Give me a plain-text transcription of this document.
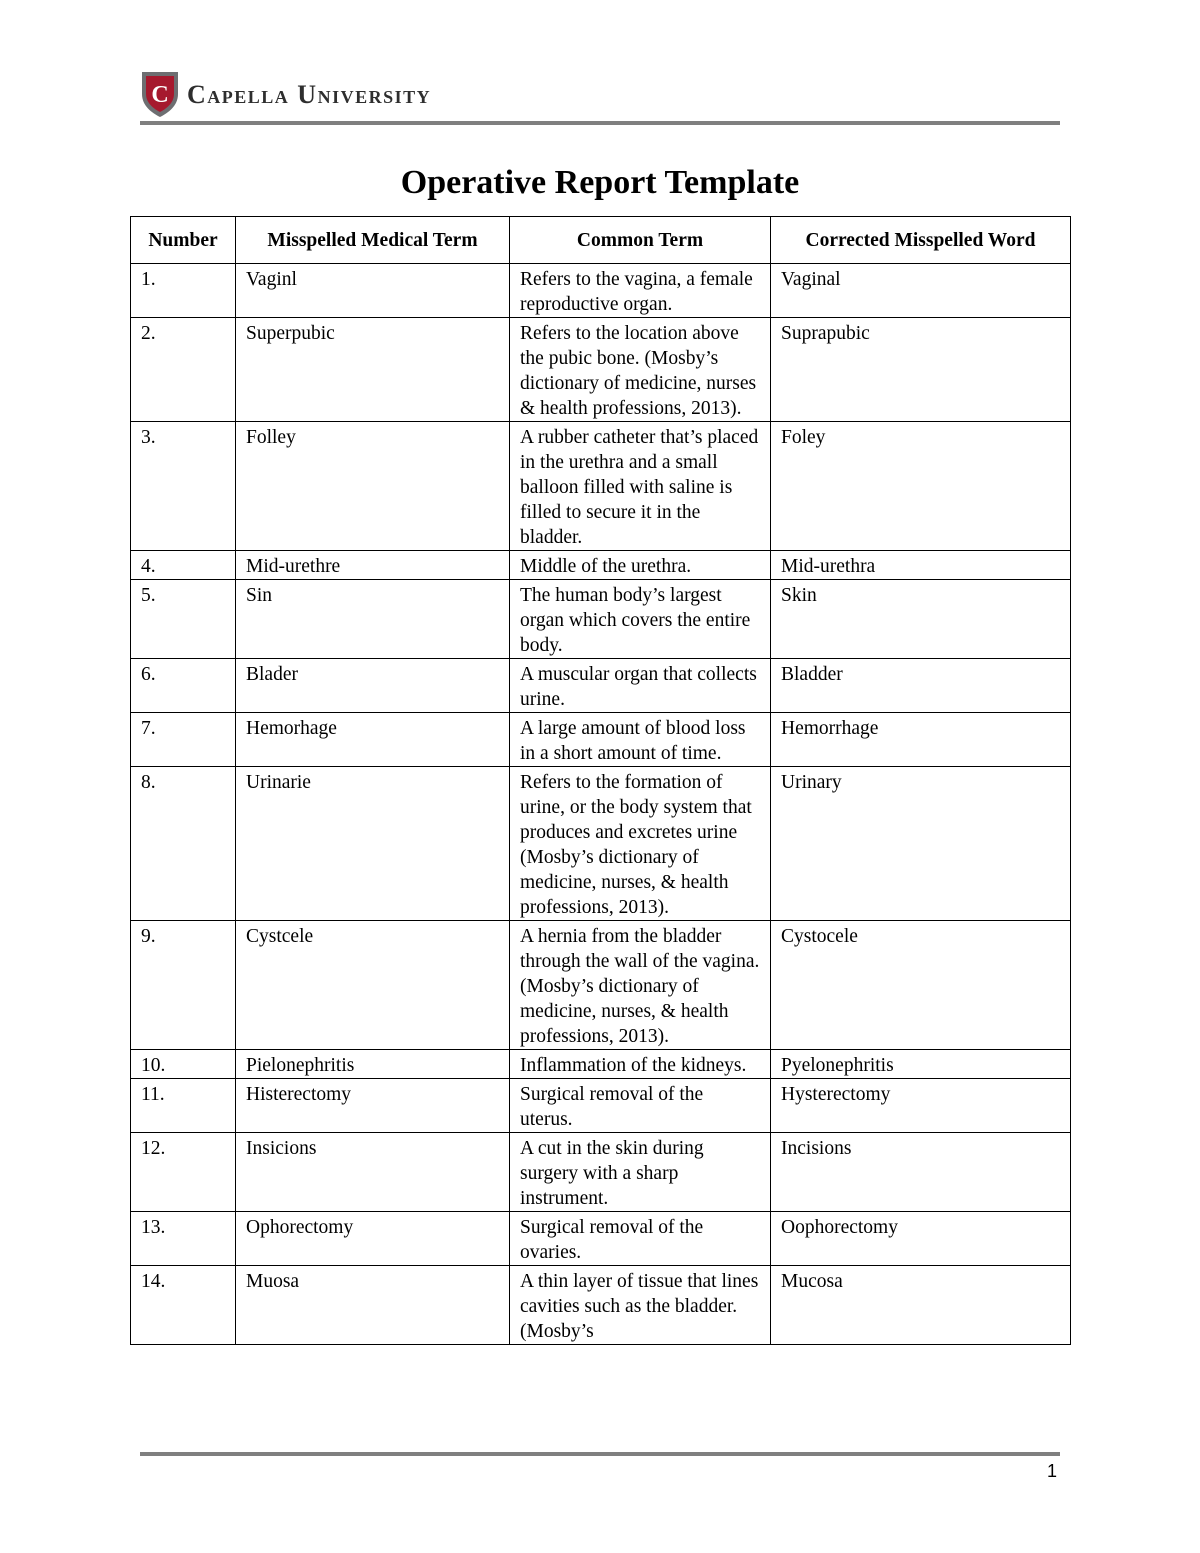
C Capella University
Operative Report Template
Number	Misspelled Medical Term	Common Term	Corrected Misspelled Word
1.	Vaginl	Refers to the vagina, a female reproductive organ.	Vaginal
2.	Superpubic	Refers to the location above the pubic bone. (Mosby’s dictionary of medicine, nurses & health professions, 2013).	Suprapubic
3.	Folley	A rubber catheter that’s placed in the urethra and a small balloon filled with saline is filled to secure it in the bladder.	Foley
4.	Mid-urethre	Middle of the urethra.	Mid-urethra
5.	Sin	The human body’s largest organ which covers the entire body.	Skin
6.	Blader	A muscular organ that collects urine.	Bladder
7.	Hemorhage	A large amount of blood loss in a short amount of time.	Hemorrhage
8.	Urinarie	Refers to the formation of urine, or the body system that produces and excretes urine (Mosby’s dictionary of medicine, nurses, & health professions, 2013).	Urinary
9.	Cystcele	A hernia from the bladder through the wall of the vagina. (Mosby’s dictionary of medicine, nurses, & health professions, 2013).	Cystocele
10.	Pielonephritis	Inflammation of the kidneys.	Pyelonephritis
11.	Histerectomy	Surgical removal of the uterus.	Hysterectomy
12.	Insicions	A cut in the skin during surgery with a sharp instrument.	Incisions
13.	Ophorectomy	Surgical removal of the ovaries.	Oophorectomy
14.	Muosa	A thin layer of tissue that lines cavities such as the bladder. (Mosby’s	Mucosa
1
